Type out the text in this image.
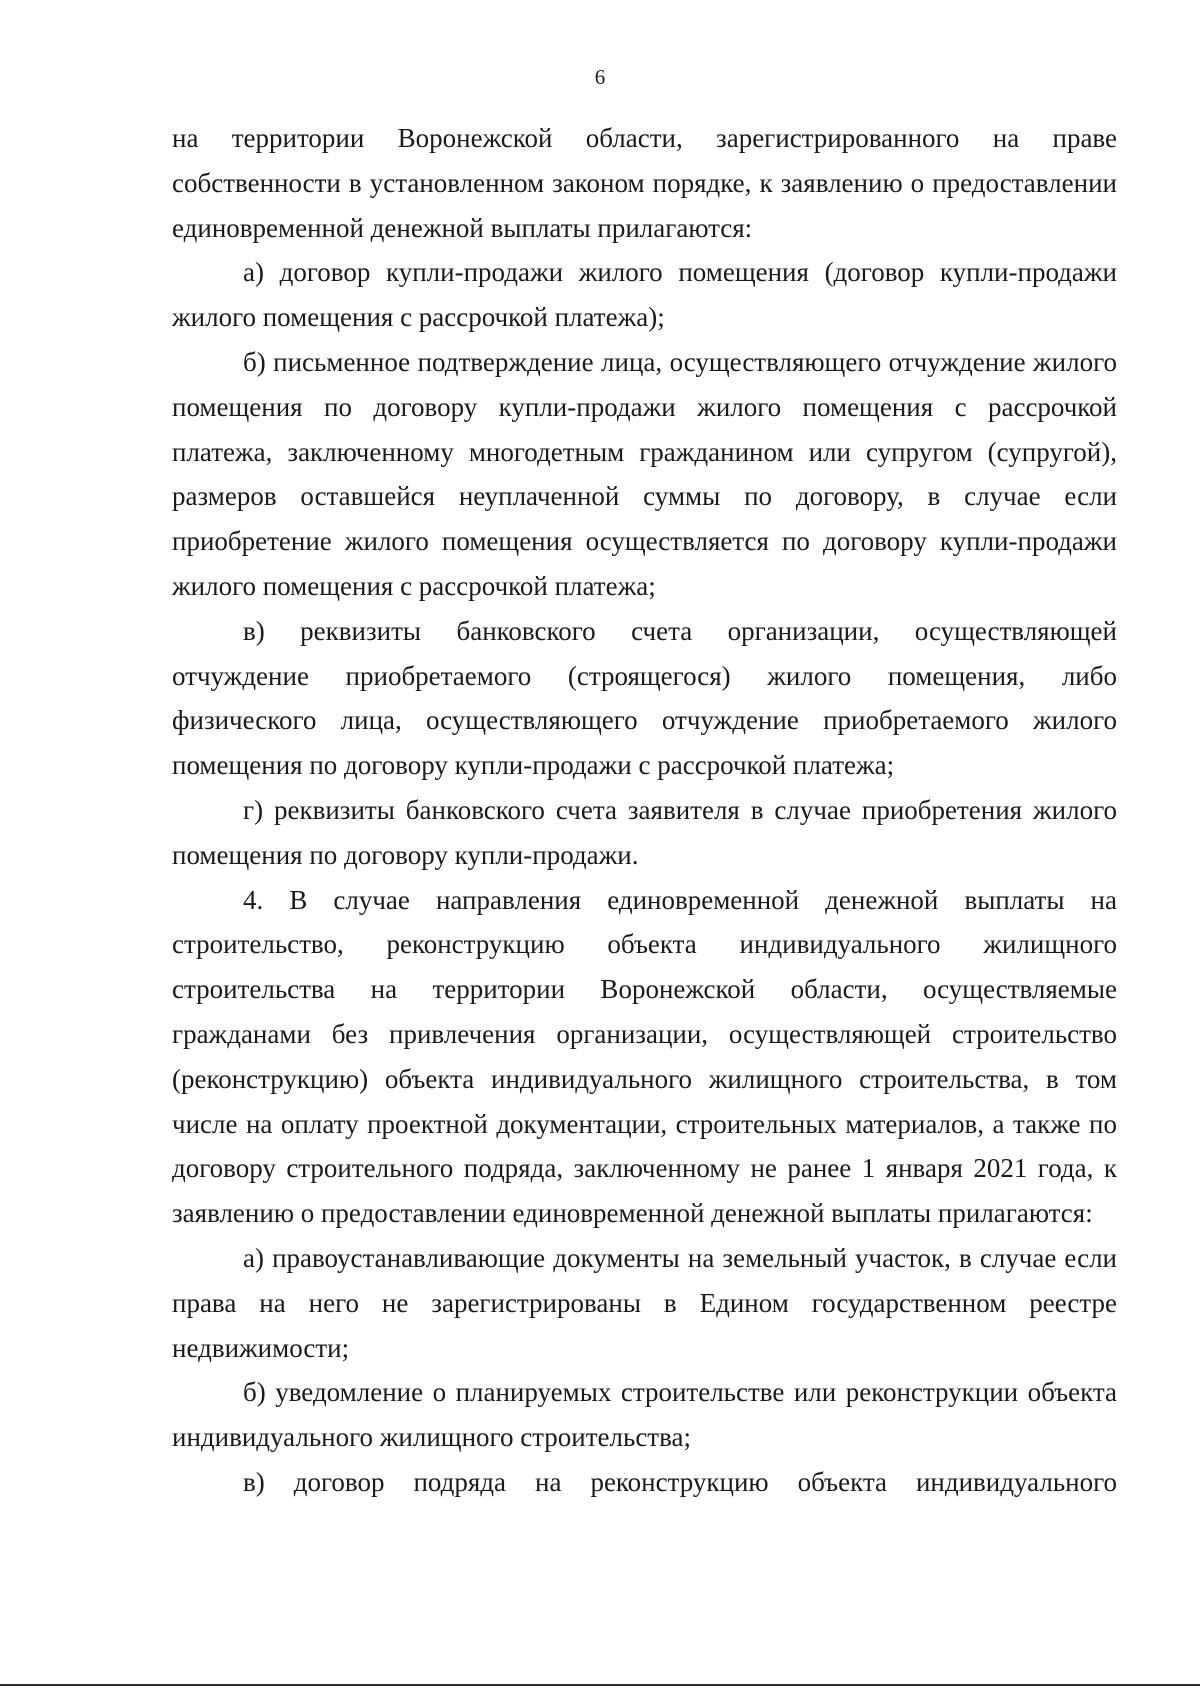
6

на территории Воронежской области, зарегистрированного на праве собственности в установленном законом порядке, к заявлению о предоставлении единовременной денежной выплаты прилагаются:

а) договор купли-продажи жилого помещения (договор купли-продажи жилого помещения с рассрочкой платежа);

б) письменное подтверждение лица, осуществляющего отчуждение жилого помещения по договору купли-продажи жилого помещения с рассрочкой платежа, заключенному многодетным гражданином или супругом (супругой), размеров оставшейся неуплаченной суммы по договору, в случае если приобретение жилого помещения осуществляется по договору купли-продажи жилого помещения с рассрочкой платежа;

в) реквизиты банковского счета организации, осуществляющей отчуждение приобретаемого (строящегося) жилого помещения, либо физического лица, осуществляющего отчуждение приобретаемого жилого помещения по договору купли-продажи с рассрочкой платежа;

г) реквизиты банковского счета заявителя в случае приобретения жилого помещения по договору купли-продажи.

4. В случае направления единовременной денежной выплаты на строительство, реконструкцию объекта индивидуального жилищного строительства на территории Воронежской области, осуществляемые гражданами без привлечения организации, осуществляющей строительство (реконструкцию) объекта индивидуального жилищного строительства, в том числе на оплату проектной документации, строительных материалов, а также по договору строительного подряда, заключенному не ранее 1 января 2021 года, к заявлению о предоставлении единовременной денежной выплаты прилагаются:

а) правоустанавливающие документы на земельный участок, в случае если права на него не зарегистрированы в Едином государственном реестре недвижимости;

б) уведомление о планируемых строительстве или реконструкции объекта индивидуального жилищного строительства;

в) договор подряда на реконструкцию объекта индивидуального
